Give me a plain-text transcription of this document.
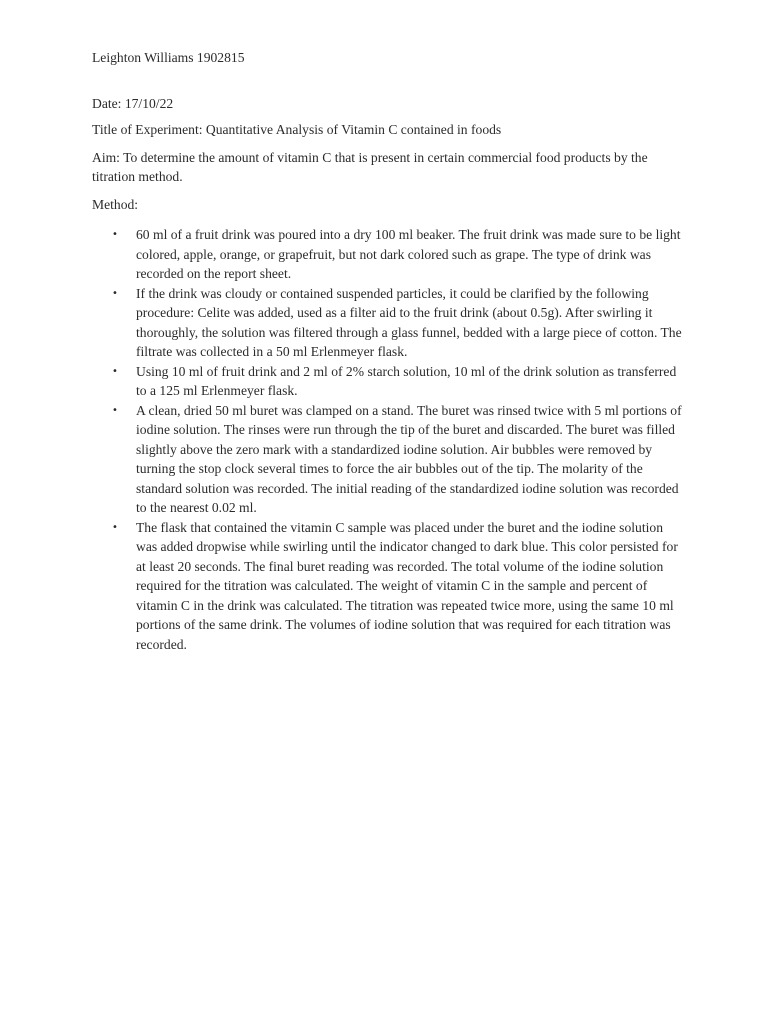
Leighton Williams 1902815

Date: 17/10/22

Title of Experiment: Quantitative Analysis of Vitamin C contained in foods

Aim: To determine the amount of vitamin C that is present in certain commercial food products by the titration method.

Method:

• 60 ml of a fruit drink was poured into a dry 100 ml beaker. The fruit drink was made sure to be light colored, apple, orange, or grapefruit, but not dark colored such as grape. The type of drink was recorded on the report sheet.
• If the drink was cloudy or contained suspended particles, it could be clarified by the following procedure: Celite was added, used as a filter aid to the fruit drink (about 0.5g). After swirling it thoroughly, the solution was filtered through a glass funnel, bedded with a large piece of cotton. The filtrate was collected in a 50 ml Erlenmeyer flask.
• Using 10 ml of fruit drink and 2 ml of 2% starch solution, 10 ml of the drink solution as transferred to a 125 ml Erlenmeyer flask.
• A clean, dried 50 ml buret was clamped on a stand. The buret was rinsed twice with 5 ml portions of iodine solution. The rinses were run through the tip of the buret and discarded. The buret was filled slightly above the zero mark with a standardized iodine solution. Air bubbles were removed by turning the stop clock several times to force the air bubbles out of the tip. The molarity of the standard solution was recorded. The initial reading of the standardized iodine solution was recorded to the nearest 0.02 ml.
• The flask that contained the vitamin C sample was placed under the buret and the iodine solution was added dropwise while swirling until the indicator changed to dark blue. This color persisted for at least 20 seconds. The final buret reading was recorded. The total volume of the iodine solution required for the titration was calculated. The weight of vitamin C in the sample and percent of vitamin C in the drink was calculated. The titration was repeated twice more, using the same 10 ml portions of the same drink. The volumes of iodine solution that was required for each titration was recorded.
